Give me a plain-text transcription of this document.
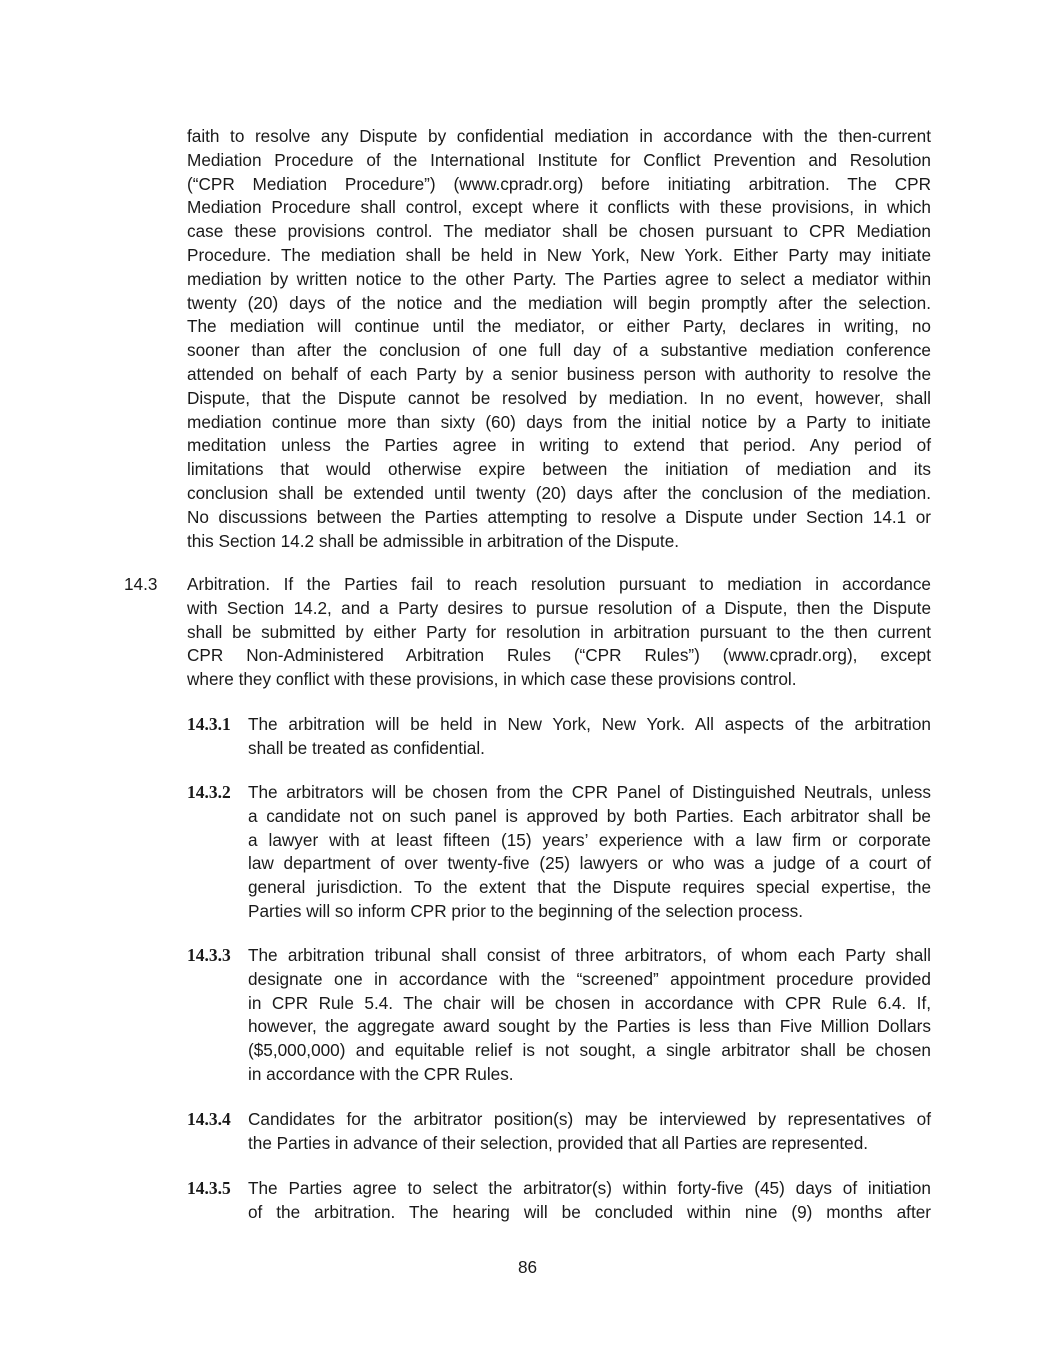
faith to resolve any Dispute by confidential mediation in accordance with the then-current
Mediation Procedure of the International Institute for Conflict Prevention and Resolution
(“CPR Mediation Procedure”) (www.cpradr.org) before initiating arbitration. The CPR
Mediation Procedure shall control, except where it conflicts with these provisions, in which
case these provisions control. The mediator shall be chosen pursuant to CPR Mediation
Procedure. The mediation shall be held in New York, New York. Either Party may initiate
mediation by written notice to the other Party. The Parties agree to select a mediator within
twenty (20) days of the notice and the mediation will begin promptly after the selection.
The mediation will continue until the mediator, or either Party, declares in writing, no
sooner than after the conclusion of one full day of a substantive mediation conference
attended on behalf of each Party by a senior business person with authority to resolve the
Dispute, that the Dispute cannot be resolved by mediation. In no event, however, shall
mediation continue more than sixty (60) days from the initial notice by a Party to initiate
meditation unless the Parties agree in writing to extend that period. Any period of
limitations that would otherwise expire between the initiation of mediation and its
conclusion shall be extended until twenty (20) days after the conclusion of the mediation.
No discussions between the Parties attempting to resolve a Dispute under Section 14.1 or
this Section 14.2 shall be admissible in arbitration of the Dispute.
14.3 Arbitration. If the Parties fail to reach resolution pursuant to mediation in accordance
with Section 14.2, and a Party desires to pursue resolution of a Dispute, then the Dispute
shall be submitted by either Party for resolution in arbitration pursuant to the then current
CPR Non-Administered Arbitration Rules (“CPR Rules”) (www.cpradr.org), except
where they conflict with these provisions, in which case these provisions control.
14.3.1 The arbitration will be held in New York, New York. All aspects of the arbitration
shall be treated as confidential.
14.3.2 The arbitrators will be chosen from the CPR Panel of Distinguished Neutrals, unless
a candidate not on such panel is approved by both Parties. Each arbitrator shall be
a lawyer with at least fifteen (15) years’ experience with a law firm or corporate
law department of over twenty-five (25) lawyers or who was a judge of a court of
general jurisdiction. To the extent that the Dispute requires special expertise, the
Parties will so inform CPR prior to the beginning of the selection process.
14.3.3 The arbitration tribunal shall consist of three arbitrators, of whom each Party shall
designate one in accordance with the “screened” appointment procedure provided
in CPR Rule 5.4. The chair will be chosen in accordance with CPR Rule 6.4. If,
however, the aggregate award sought by the Parties is less than Five Million Dollars
($5,000,000) and equitable relief is not sought, a single arbitrator shall be chosen
in accordance with the CPR Rules.
14.3.4 Candidates for the arbitrator position(s) may be interviewed by representatives of
the Parties in advance of their selection, provided that all Parties are represented.
14.3.5 The Parties agree to select the arbitrator(s) within forty-five (45) days of initiation
of the arbitration. The hearing will be concluded within nine (9) months after
86
